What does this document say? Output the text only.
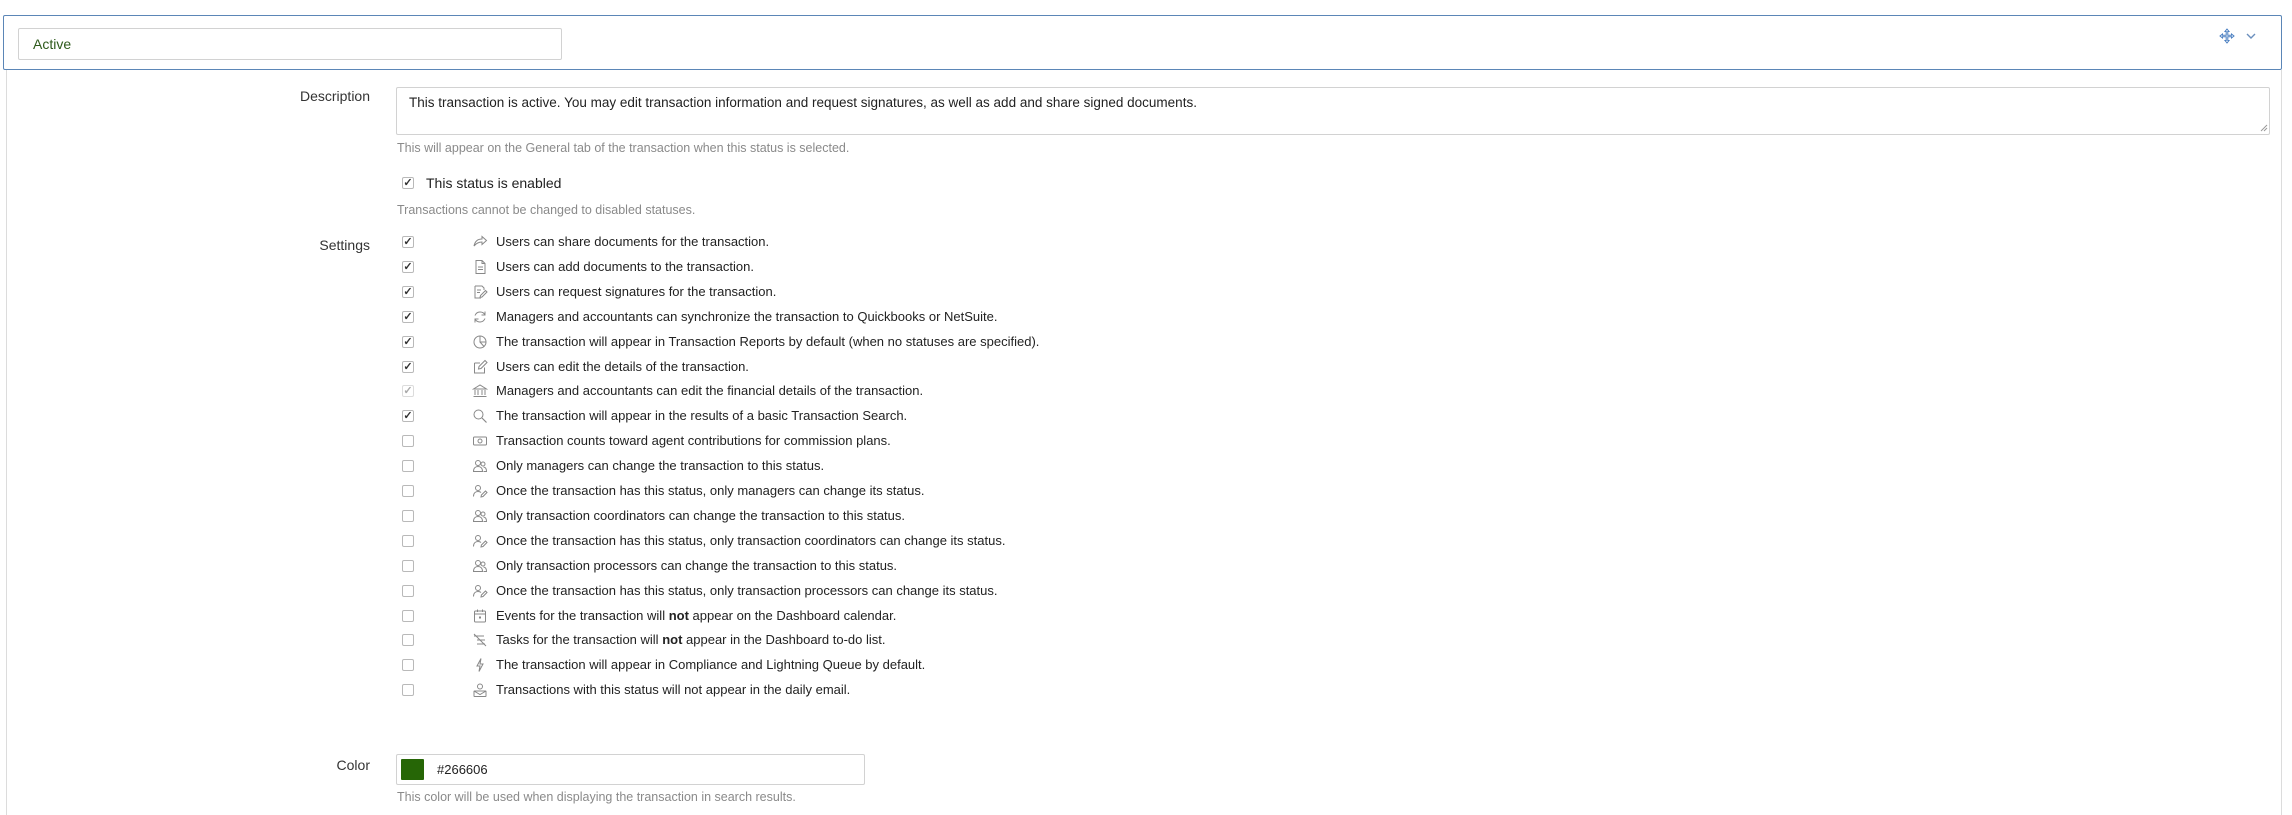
Active
Description
This transaction is active. You may edit transaction information and request signatures, as well as add and share signed documents.
This will appear on the General tab of the transaction when this status is selected.
✓
This status is enabled
Transactions cannot be changed to disabled statuses.
Settings
✓	Users can share documents for the transaction.
✓
Users can add documents to the transaction.
✓
Users can request signatures for the transaction.
✓
Managers and accountants can synchronize the transaction to Quickbooks or NetSuite.
✓
The transaction will appear in Transaction Reports by default (when no statuses are specified).
✓
Users can edit the details of the transaction.
✓
Managers and accountants can edit the financial details of the transaction.
✓
The transaction will appear in the results of a basic Transaction Search.
Transaction counts toward agent contributions for commission plans.
Only managers can change the transaction to this status.
Once the transaction has this status, only managers can change its status.
Only transaction coordinators can change the transaction to this status.
Once the transaction has this status, only transaction coordinators can change its status.
Only transaction processors can change the transaction to this status.
Once the transaction has this status, only transaction processors can change its status.
Events for the transaction will not appear on the Dashboard calendar.
Tasks for the transaction will not appear in the Dashboard to-do list.
The transaction will appear in Compliance and Lightning Queue by default.
Transactions with this status will not appear in the daily email.
Color	#266606
This color will be used when displaying the transaction in search results.
